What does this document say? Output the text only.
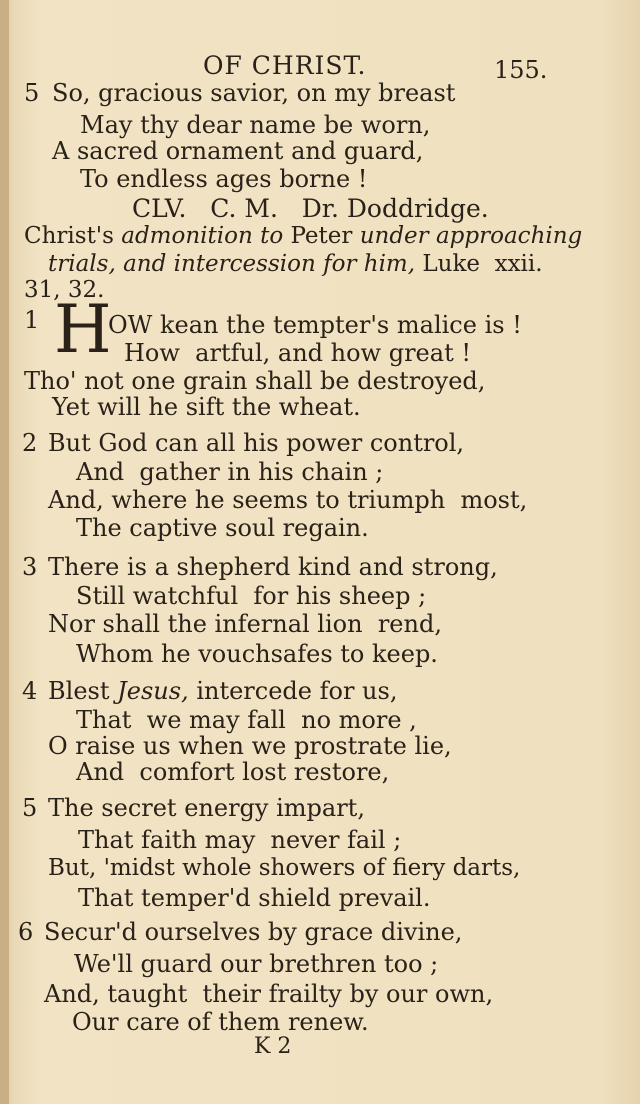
OF CHRIST.	155.
5 So, gracious savior, on my breast
May thy dear name be worn,
A sacred ornament and guard,
To endless ages borne !
CLV.   C. M.   Dr. Doddridge.
Christ's admonition to Peter under approaching
trials, and intercession for him, Luke  xxii.
31, 32.
1 H
OW kean the tempter's malice is !
How  artful, and how great !
Tho' not one grain shall be destroyed,
Yet will he sift the wheat.
2 But God can all his power control,
And  gather in his chain ;
And, where he seems to triumph  most,
The captive soul regain.
3 There is a shepherd kind and strong,
Still watchful  for his sheep ;
Nor shall the infernal lion  rend,
Whom he vouchsafes to keep.
4 Blest Jesus, intercede for us,
That  we may fall  no more ,
O raise us when we prostrate lie,
And  comfort lost restore,
5 The secret energy impart,
That faith may  never fail ;
But, 'midst whole showers of fiery darts,
That temper'd shield prevail.
6 Secur'd ourselves by grace divine,
We'll guard our brethren too ;
And, taught  their frailty by our own,
Our care of them renew.
K 2
